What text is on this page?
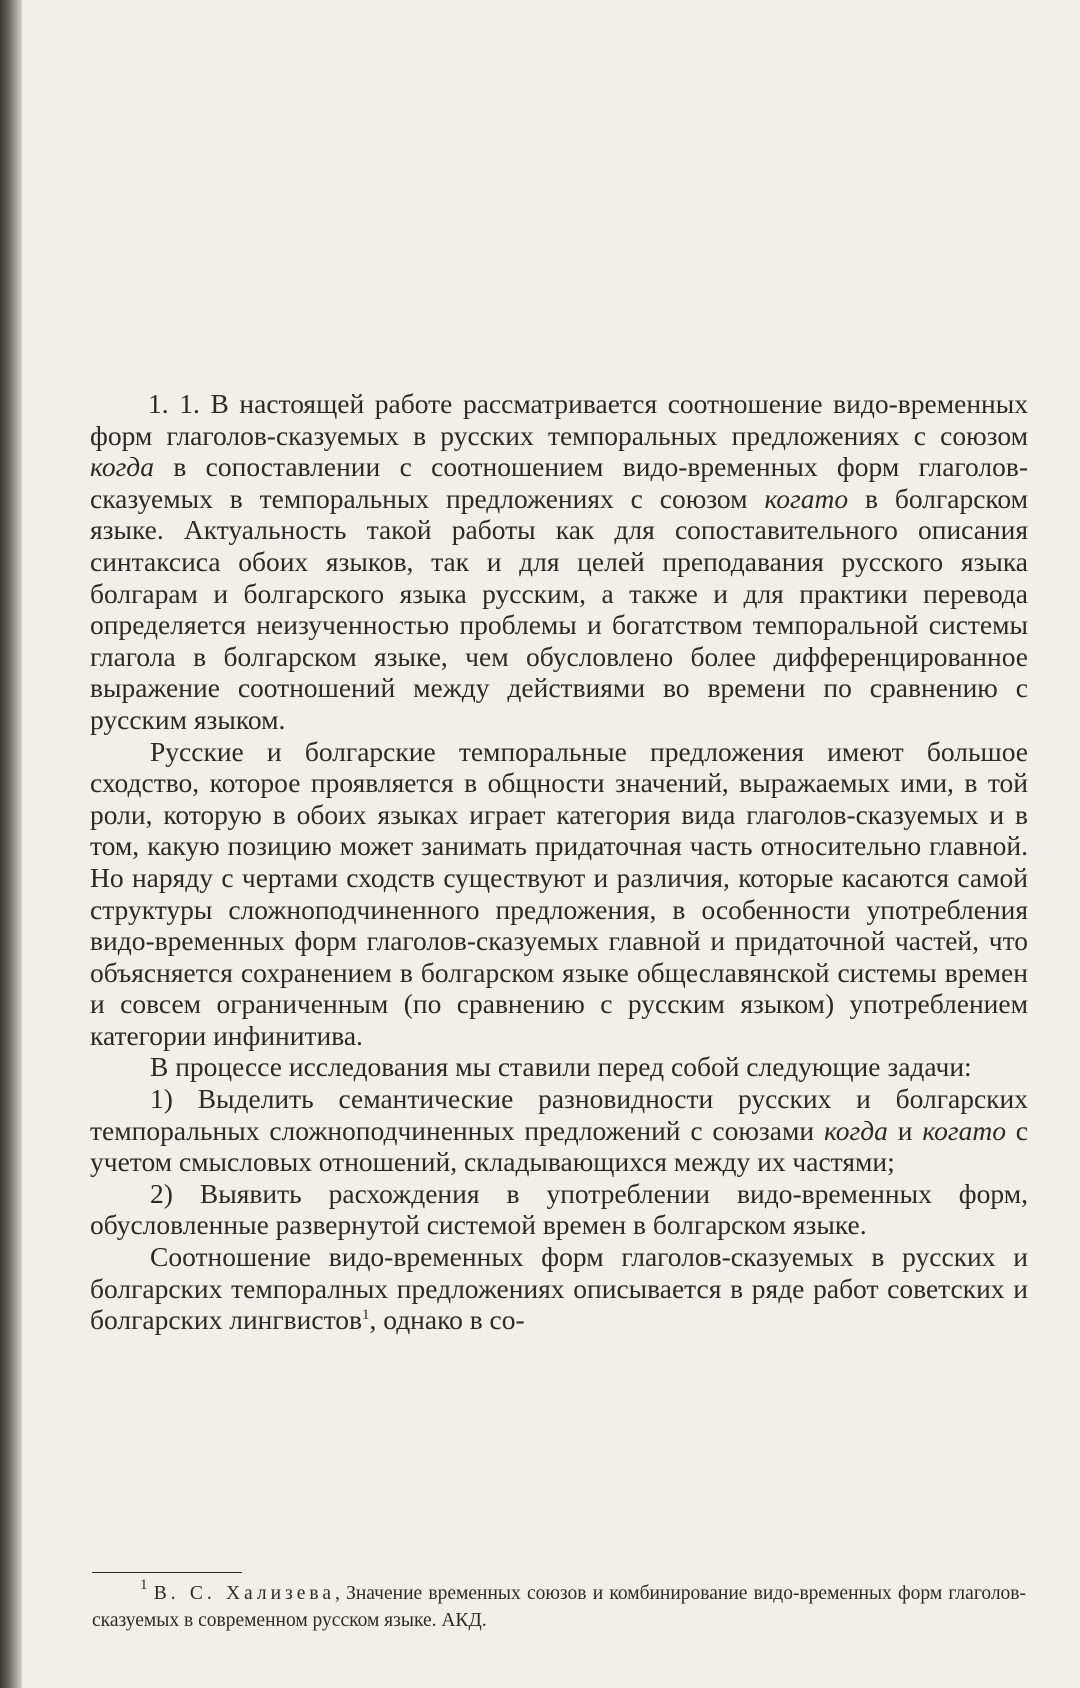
1. 1. В настоящей работе рассматривается соотношение видо-временных форм глаголов-сказуемых в русских темпоральных предложениях с союзом когда в сопоставлении с соотношением видо-временных форм глаголов-сказуемых в темпоральных предложениях с союзом когато в болгарском языке. Актуальность такой работы как для сопоставительного описания синтаксиса обоих языков, так и для целей преподавания русского языка болгарам и болгарского языка русским, а также и для практики перевода определяется неизученностью проблемы и богатством темпоральной системы глагола в болгарском языке, чем обусловлено более дифференцированное выражение соотношений между действиями во времени по сравнению с русским языком.

Русские и болгарские темпоральные предложения имеют большое сходство, которое проявляется в общности значений, выражаемых ими, в той роли, которую в обоих языках играет категория вида глаголов-сказуемых и в том, какую позицию может занимать придаточная часть относительно главной. Но наряду с чертами сходств существуют и различия, которые касаются самой структуры сложноподчиненного предложения, в особенности употребления видо-временных форм глаголов-сказуемых главной и придаточной частей, что объясняется сохранением в болгарском языке общеславянской системы времен и совсем ограниченным (по сравнению с русским языком) употреблением категории инфинитива.

В процессе исследования мы ставили перед собой следующие задачи:

1) Выделить семантические разновидности русских и болгарских темпоральных сложноподчиненных предложений с союзами когда и когато с учетом смысловых отношений, складывающихся между их частями;

2) Выявить расхождения в употреблении видо-временных форм, обусловленные развернутой системой времен в болгарском языке.

Соотношение видо-временных форм глаголов-сказуемых в русских и болгарских темпоралных предложениях описывается в ряде работ советских и болгарских лингвистов$^1$, однако в со-

$^1$ В. С. Хализева, Значение временных союзов и комбинирование видо-временных форм глаголов-сказуемых в современном русском языке. АКД.
